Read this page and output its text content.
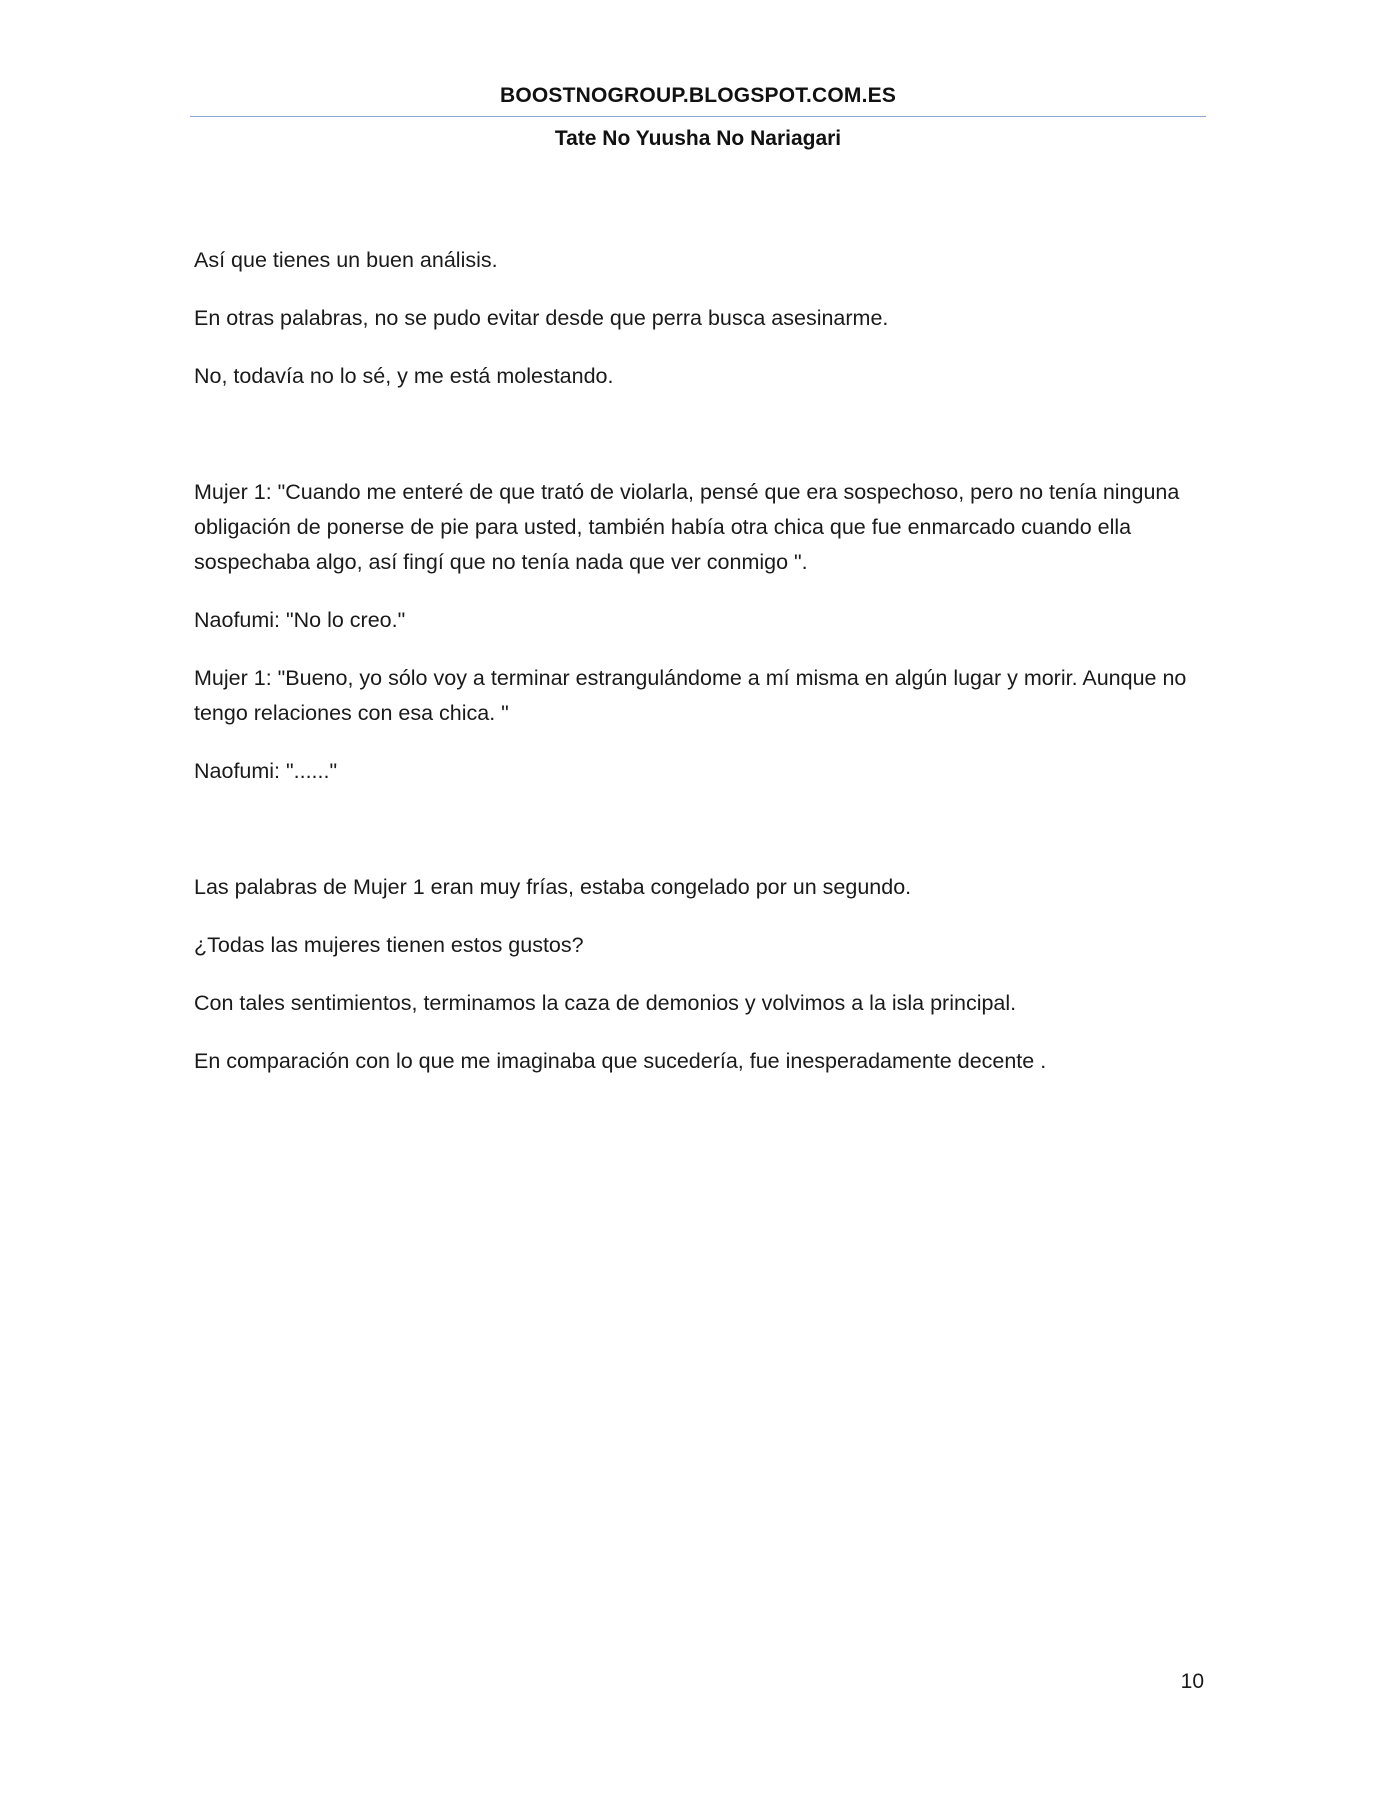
BOOSTNOGROUP.BLOGSPOT.COM.ES
Tate No Yuusha No Nariagari

Así que tienes un buen análisis.

En otras palabras, no se pudo evitar desde que perra busca asesinarme.

No, todavía no lo sé, y me está molestando.

Mujer 1: "Cuando me enteré de que trató de violarla, pensé que era sospechoso, pero no tenía ninguna obligación de ponerse de pie para usted, también había otra chica que fue enmarcado cuando ella sospechaba algo, así fingí que no tenía nada que ver conmigo ".

Naofumi: "No lo creo."

Mujer 1: "Bueno, yo sólo voy a terminar estrangulándome a mí misma en algún lugar y morir. Aunque no tengo relaciones con esa chica. "

Naofumi: "......"

Las palabras de Mujer 1 eran muy frías, estaba congelado por un segundo.

¿Todas las mujeres tienen estos gustos?

Con tales sentimientos, terminamos la caza de demonios y volvimos a la isla principal.

En comparación con lo que me imaginaba que sucedería, fue inesperadamente decente .

10
